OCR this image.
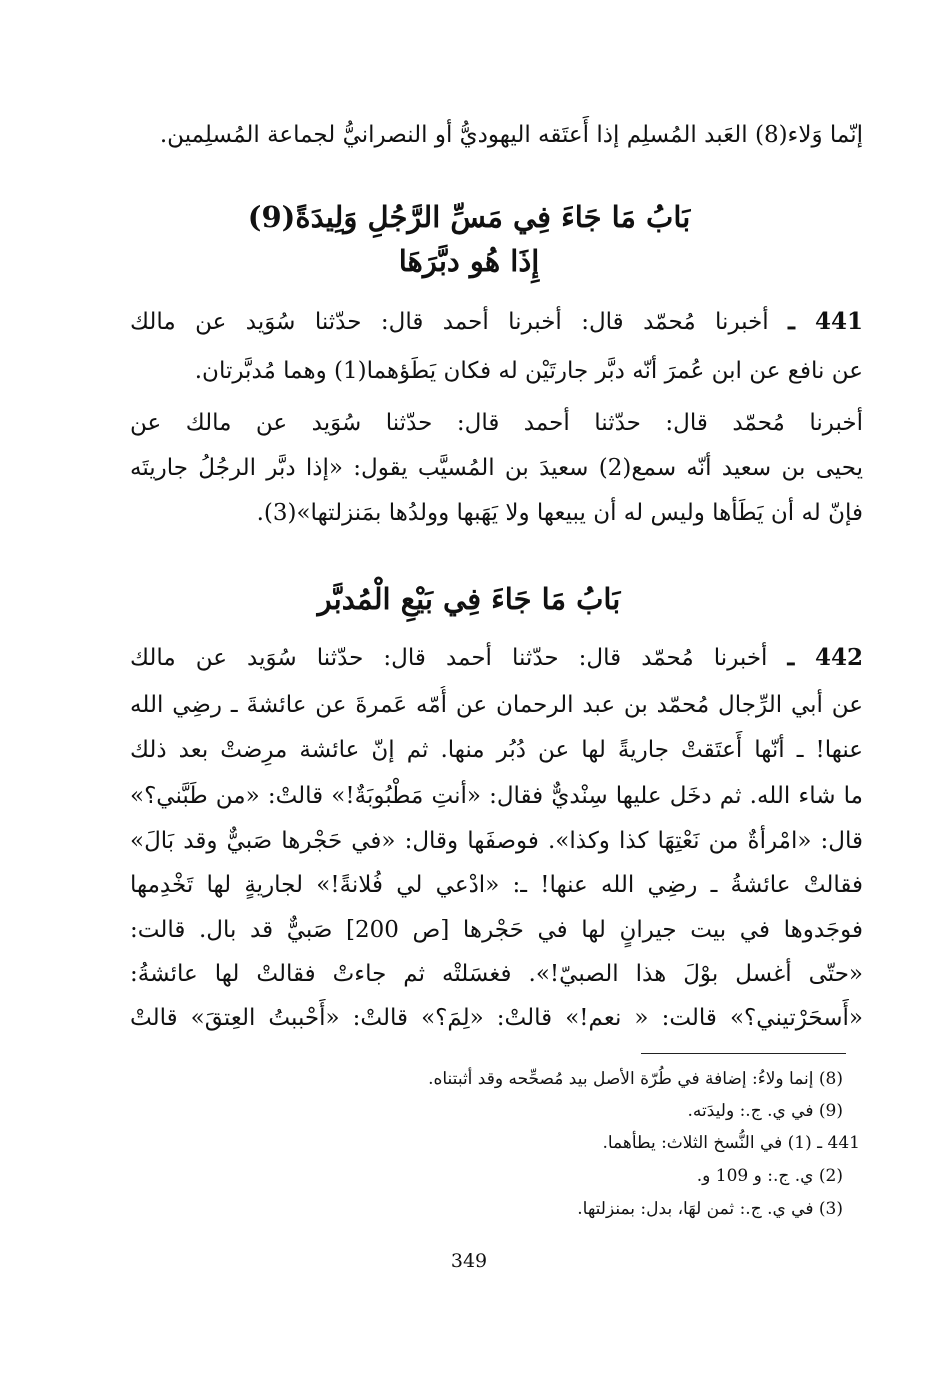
إنّما وَلاء(8) العَبد المُسلِم إذا أَعتَقه اليهوديُّ أو النصرانيُّ لجماعة المُسلِمين.
بَابُ مَا جَاءَ فِي مَسِّ الرَّجُلِ وَلِيدَةً(9)
إِذَا هُو دبَّرَهَا
441 ـ أخبرنا مُحمّد قال: أخبرنا أحمد قال: حدّثنا سُوَيد عن مالك
عن نافع عن ابن عُمرَ أنّه دبَّر جارتَيْن له فكان يَطَؤهما(1) وهما مُدبَّرتان.
أخبرنا مُحمّد قال: حدّثنا أحمد قال: حدّثنا سُوَيد عن مالك عن
يحيى بن سعيد أنّه سمع(2) سعيدَ بن المُسيَّب يقول: «إذا دبَّر الرجُلُ جاريتَه
فإنّ له أن يَطَأها وليس له أن يبيعها ولا يَهَبها وولدُها بمَنزلتها»(3).
بَابُ مَا جَاءَ فِي بَيْعِ الْمُدبَّر
442 ـ أخبرنا مُحمّد قال: حدّثنا أحمد قال: حدّثنا سُوَيد عن مالك
عن أبي الرِّجال مُحمّد بن عبد الرحمان عن أُمّه عَمرةَ عن عائشةَ ـ رضِي الله
عنها! ـ أنّها أَعتَقتْ جاريةً لها عن دُبُر منها. ثم إنّ عائشة مرِضتْ بعد ذلك
ما شاء الله. ثم دخَل عليها سِنْديٌّ فقال: «أنتِ مَطْبُوبَةٌ!» قالتْ: «من طَبَّني؟»
قال: «امْرأةٌ من نَعْتِهَا كذا وكذا». فوصفَها وقال: «في حَجْرها صَبيٌّ وقد بَالَ»
فقالتْ عائشةُ ـ رضِي الله عنها! ـ: «ادْعي لي فُلانةً!» لجاريةٍ لها تَخْدِمها
فوجَدوها في بيت جيرانٍ لها في حَجْرها [ص 200] صَبيٌّ قد بال. قالت:
«حتّى أغسل بوْلَ هذا الصبيّ!». فغسَلتْه ثم جاءتْ فقالتْ لها عائشةُ:
«أَسحَرْتيني؟» قالت: « نعم!» قالتْ: «لِمَ؟» قالتْ: «أَحْببتُ العِتقَ» قالتْ
(8) إنما ولاءُ: إضافة في طُرّة الأصل بيد مُصحِّحه وقد أثبتناه.
(9) في ي. ج.: وليدَته.
441 ـ (1) في النُّسخ الثلاث: يطأهما.
(2) ي. ج.: و 109 و.
(3) في ي. ج.: ثمن لهَا، بدل: بمنزلتها.
349
